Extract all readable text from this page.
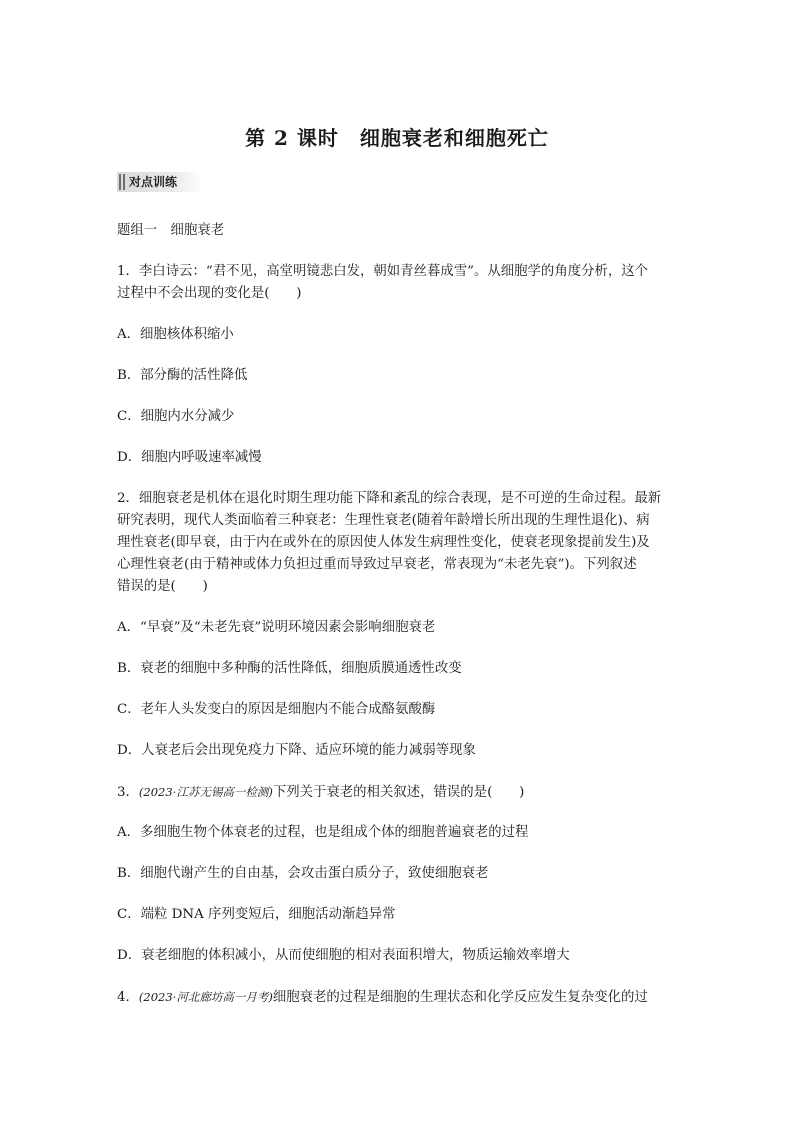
第 2 课时　细胞衰老和细胞死亡
对点训练
题组一　细胞衰老
1．李白诗云：“君不见，高堂明镜悲白发，朝如青丝暮成雪”。从细胞学的角度分析，这个
过程中不会出现的变化是(　　)
A．细胞核体积缩小
B．部分酶的活性降低
C．细胞内水分减少
D．细胞内呼吸速率减慢
2．细胞衰老是机体在退化时期生理功能下降和紊乱的综合表现，是不可逆的生命过程。最新
研究表明，现代人类面临着三种衰老：生理性衰老(随着年龄增长所出现的生理性退化)、病
理性衰老(即早衰，由于内在或外在的原因使人体发生病理性变化，使衰老现象提前发生)及
心理性衰老(由于精神或体力负担过重而导致过早衰老，常表现为“未老先衰”)。下列叙述
错误的是(　　)
A．“早衰”及“未老先衰”说明环境因素会影响细胞衰老
B．衰老的细胞中多种酶的活性降低，细胞质膜通透性改变
C．老年人头发变白的原因是细胞内不能合成酪氨酸酶
D．人衰老后会出现免疫力下降、适应环境的能力减弱等现象
3．(2023·江苏无锡高一检测)下列关于衰老的相关叙述，错误的是(　　)
A．多细胞生物个体衰老的过程，也是组成个体的细胞普遍衰老的过程
B．细胞代谢产生的自由基，会攻击蛋白质分子，致使细胞衰老
C．端粒 DNA 序列变短后，细胞活动渐趋异常
D．衰老细胞的体积减小，从而使细胞的相对表面积增大，物质运输效率增大
4．(2023·河北廊坊高一月考)细胞衰老的过程是细胞的生理状态和化学反应发生复杂变化的过
